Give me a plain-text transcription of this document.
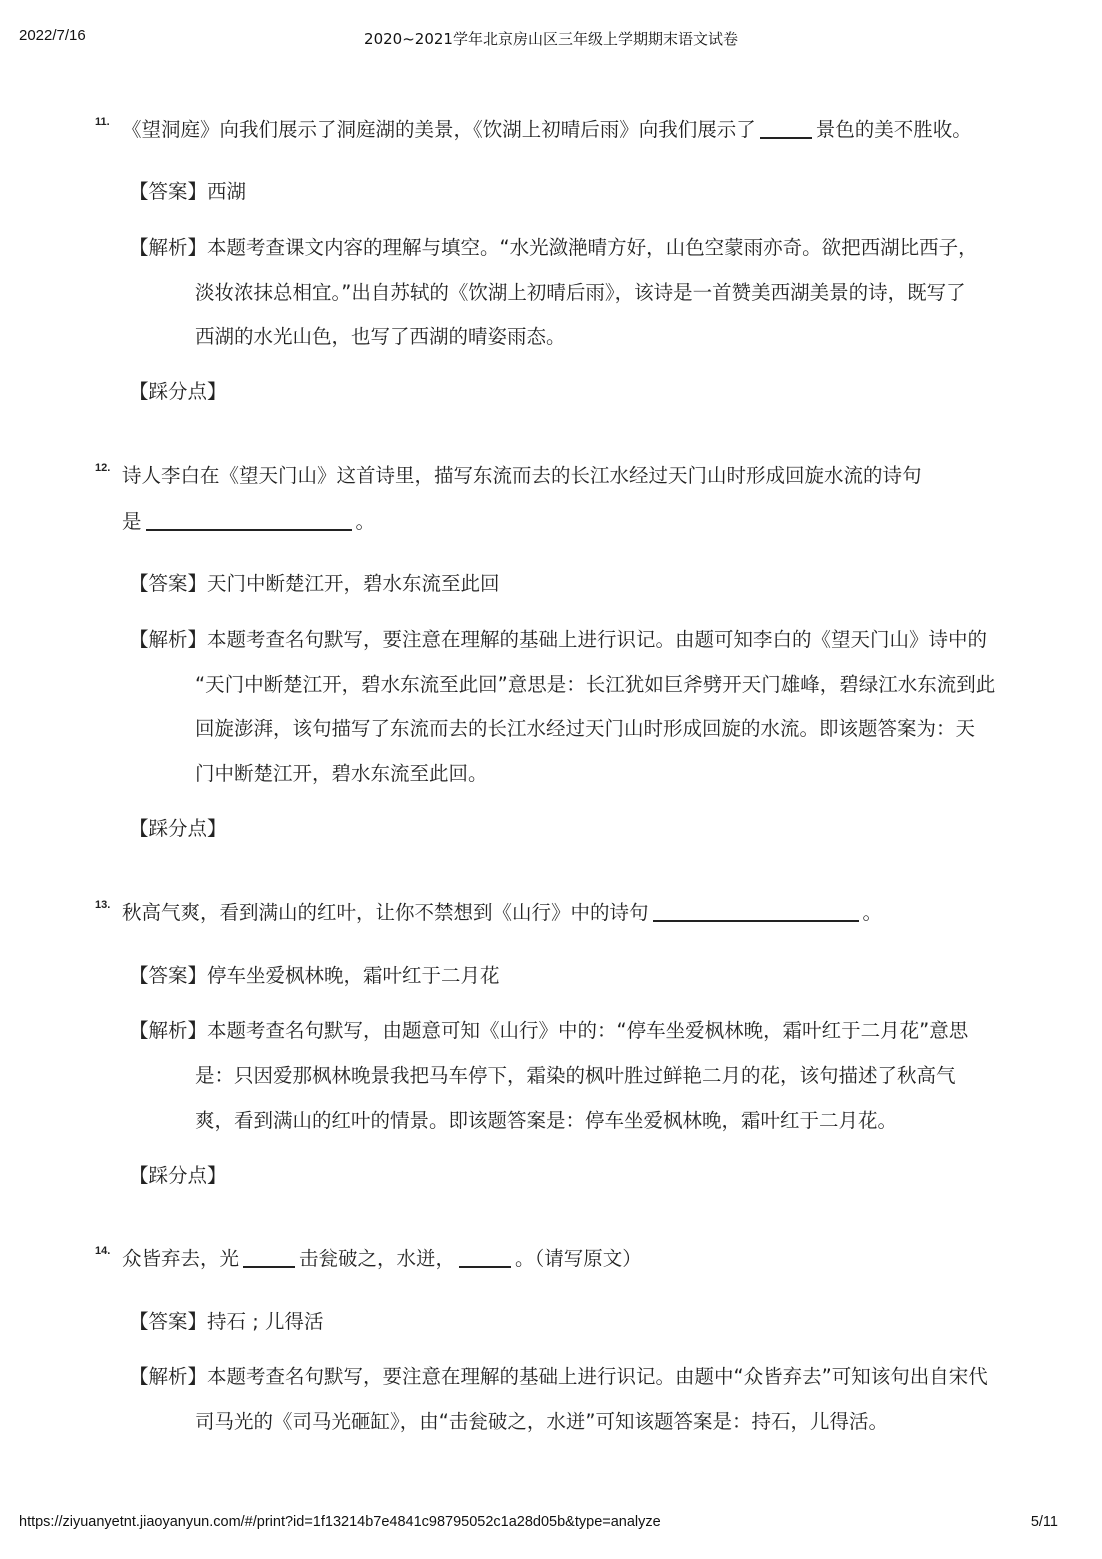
2022/7/16	2020~2021学年北京房山区三年级上学期期末语文试卷
11. 《望洞庭》向我们展示了洞庭湖的美景，《饮湖上初晴后雨》向我们展示了	景色的美不胜收。
【答案】西湖
【解析】本题考查课文内容的理解与填空。“水光潋滟晴方好，山色空蒙雨亦奇。欲把西湖比西子，
淡妆浓抹总相宜。”出自苏轼的《饮湖上初晴后雨》，该诗是一首赞美西湖美景的诗，既写了
西湖的水光山色，也写了西湖的晴姿雨态。
【踩分点】
12. 诗人李白在《望天门山》这首诗里，描写东流而去的长江水经过天门山时形成回旋水流的诗句
是	。
【答案】天门中断楚江开，碧水东流至此回
【解析】本题考查名句默写，要注意在理解的基础上进行识记。由题可知李白的《望天门山》诗中的
“天门中断楚江开，碧水东流至此回”意思是：长江犹如巨斧劈开天门雄峰，碧绿江水东流到此
回旋澎湃，该句描写了东流而去的长江水经过天门山时形成回旋的水流。即该题答案为：天
门中断楚江开，碧水东流至此回。
【踩分点】
13. 秋高气爽，看到满山的红叶，让你不禁想到《山行》中的诗句	。
【答案】停车坐爱枫林晚，霜叶红于二月花
【解析】本题考查名句默写，由题意可知《山行》中的：“停车坐爱枫林晚，霜叶红于二月花”意思
是：只因爱那枫林晚景我把马车停下，霜染的枫叶胜过鲜艳二月的花，该句描述了秋高气
爽，看到满山的红叶的情景。即该题答案是：停车坐爱枫林晚，霜叶红于二月花。
【踩分点】
14. 众皆弃去，光	击瓮破之，水迸，	。（请写原文）
【答案】持石 ; 儿得活
【解析】本题考查名句默写，要注意在理解的基础上进行识记。由题中“众皆弃去”可知该句出自宋代
司马光的《司马光砸缸》，由“击瓮破之，水迸”可知该题答案是：持石，儿得活。
https://ziyuanyetnt.jiaoyanyun.com/#/print?id=1f13214b7e4841c98795052c1a28d05b&type=analyze	5/11
